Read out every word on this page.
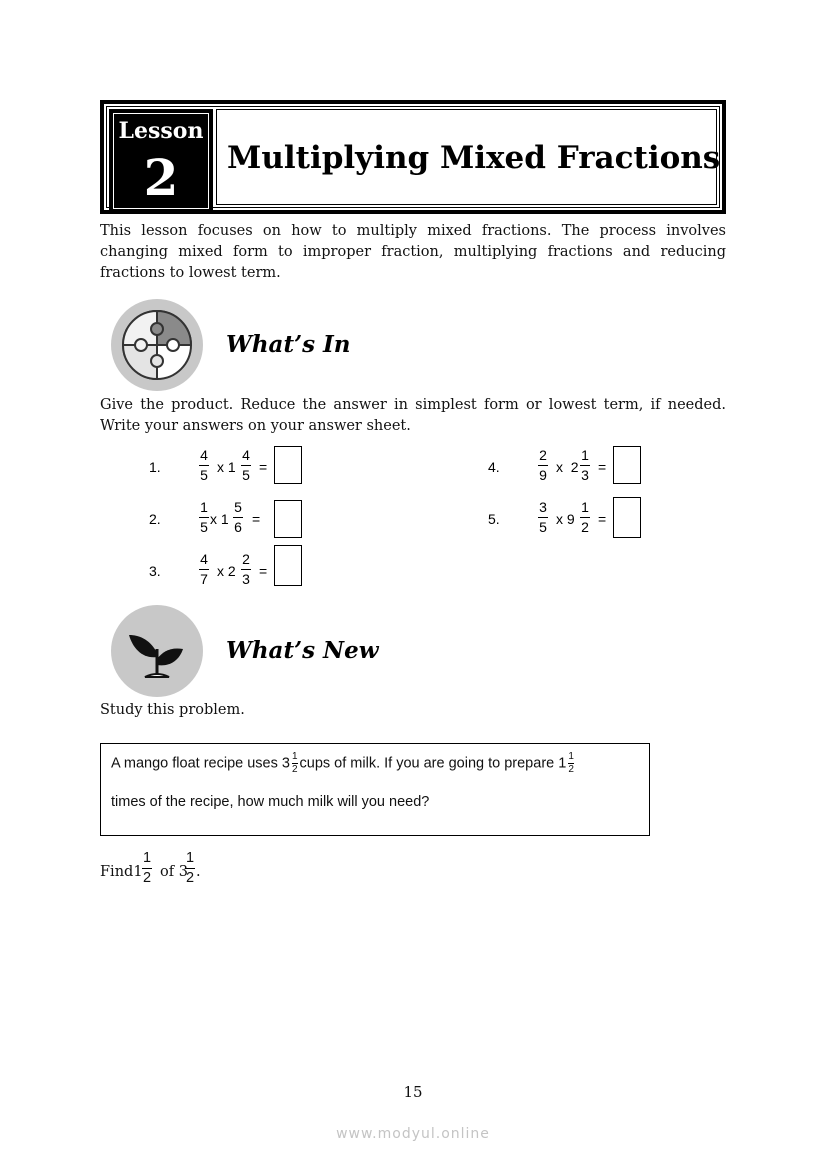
Lesson
2	Multiplying Mixed Fractions
This lesson focuses on how to multiply mixed fractions. The process involves changing mixed form to improper fraction, multiplying fractions and reducing fractions to lowest term.
What’s In
Give the product. Reduce the answer in simplest form or lowest term, if needed. Write your answers on your answer sheet.
1.
4
5 x 1
4
5 =
2.
1
5 x 1
5
6 =
3.
4
7 x 2
2
3 =
4.
2
9 x  2
1
3 =
5.
3
5 x 9
1
2 =
What’s New
Study this problem.
A mango float recipe uses $3 \frac{1}{2}$ cups of milk. If you are going to prepare $1 \frac{1}{2}$
times of the recipe, how much milk will you need?
Find1
1
2 of 3
1
2 .
15
www.modyul.online
